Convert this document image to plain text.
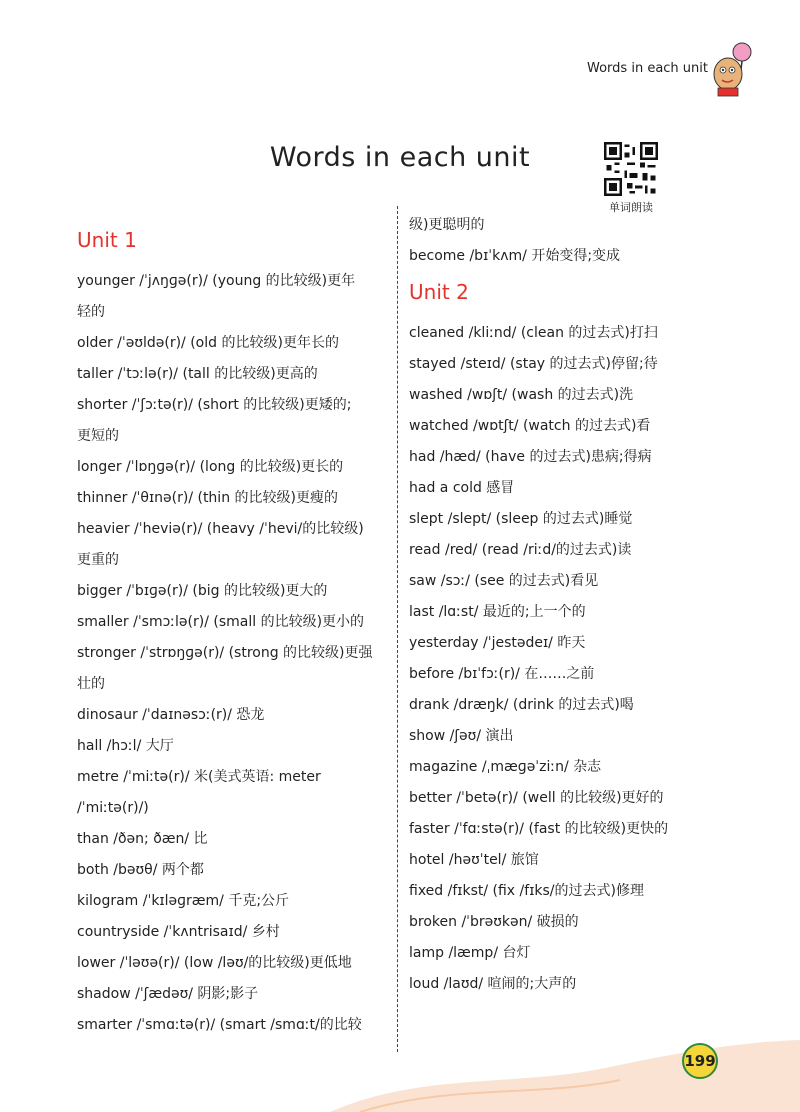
Words in each unit
Words in each unit
单词朗读
Unit 1
younger /ˈjʌŋɡə(r)/ (young 的比较级)更年
轻的
older /ˈəʊldə(r)/ (old 的比较级)更年长的
taller /ˈtɔːlə(r)/ (tall 的比较级)更高的
shorter /ˈʃɔːtə(r)/ (short 的比较级)更矮的;
更短的
longer /ˈlɒŋɡə(r)/ (long 的比较级)更长的
thinner /ˈθɪnə(r)/ (thin 的比较级)更瘦的
heavier /ˈheviə(r)/ (heavy /ˈhevi/的比较级)
更重的
bigger /ˈbɪɡə(r)/ (big 的比较级)更大的
smaller /ˈsmɔːlə(r)/ (small 的比较级)更小的
stronger /ˈstrɒŋɡə(r)/ (strong 的比较级)更强
壮的
dinosaur /ˈdaɪnəsɔː(r)/ 恐龙
hall /hɔːl/ 大厅
metre /ˈmiːtə(r)/ 米(美式英语: meter
/ˈmiːtə(r)/)
than /ðən; ðæn/ 比
both /bəʊθ/ 两个都
kilogram /ˈkɪləɡræm/ 千克;公斤
countryside /ˈkʌntrisaɪd/ 乡村
lower /ˈləʊə(r)/ (low /ləʊ/的比较级)更低地
shadow /ˈʃædəʊ/ 阴影;影子
smarter /ˈsmɑːtə(r)/ (smart /smɑːt/的比较
级)更聪明的
become /bɪˈkʌm/ 开始变得;变成
Unit 2
cleaned /kliːnd/ (clean 的过去式)打扫
stayed /steɪd/ (stay 的过去式)停留;待
washed /wɒʃt/ (wash 的过去式)洗
watched /wɒtʃt/ (watch 的过去式)看
had /hæd/ (have 的过去式)患病;得病
had a cold 感冒
slept /slept/ (sleep 的过去式)睡觉
read /red/ (read /riːd/的过去式)读
saw /sɔː/ (see 的过去式)看见
last /lɑːst/ 最近的;上一个的
yesterday /ˈjestədeɪ/ 昨天
before /bɪˈfɔː(r)/ 在……之前
drank /dræŋk/ (drink 的过去式)喝
show /ʃəʊ/ 演出
magazine /ˌmæɡəˈziːn/ 杂志
better /ˈbetə(r)/ (well 的比较级)更好的
faster /ˈfɑːstə(r)/ (fast 的比较级)更快的
hotel /həʊˈtel/ 旅馆
fixed /fɪkst/ (fix /fɪks/的过去式)修理
broken /ˈbrəʊkən/ 破损的
lamp /læmp/ 台灯
loud /laʊd/ 喧闹的;大声的
199
